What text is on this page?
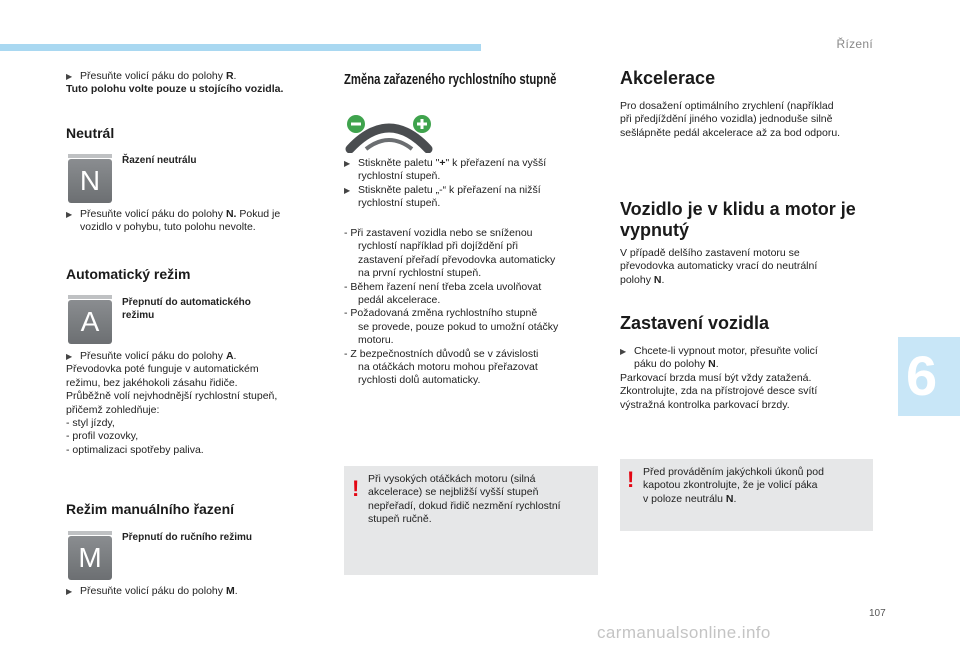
Řízení
6
107
carmanualsonline.info
▶ Přesuňte volicí páku do polohy R.
Tuto polohu volte pouze u stojícího vozidla.
Neutrál
N
Řazení neutrálu
▶ Přesuňte volicí páku do polohy N. Pokud je
vozidlo v pohybu, tuto polohu nevolte.
Automatický režim
A
Přepnutí do automatického
režimu
▶ Přesuňte volicí páku do polohy A.
Převodovka poté funguje v automatickém
režimu, bez jakéhokoli zásahu řidiče.
Průběžně volí nejvhodnější rychlostní stupeň,
přičemž zohledňuje:
- styl jízdy,
- profil vozovky,
- optimalizaci spotřeby paliva.
Režim manuálního řazení
M
Přepnutí do ručního režimu
▶ Přesuňte volicí páku do polohy M.
Změna zařazeného rychlostního stupně
▶ Stiskněte paletu "+" k přeřazení na vyšší
rychlostní stupeň.
▶ Stiskněte paletu „-“ k přeřazení na nižší
rychlostní stupeň.
- Při zastavení vozidla nebo se sníženou
rychlostí například při dojíždění při
zastavení přeřadí převodovka automaticky
na první rychlostní stupeň.
- Během řazení není třeba zcela uvolňovat
pedál akcelerace.
- Požadovaná změna rychlostního stupně
se provede, pouze pokud to umožní otáčky
motoru.
- Z bezpečnostních důvodů se v závislosti
na otáčkách motoru mohou přeřazovat
rychlosti dolů automaticky.
! Při vysokých otáčkách motoru (silná
akcelerace) se nejbližší vyšší stupeň
nepřeřadí, dokud řidič nezmění rychlostní
stupeň ručně.
Akcelerace
Pro dosažení optimálního zrychlení (například
při předjíždění jiného vozidla) jednoduše silně
sešlápněte pedál akcelerace až za bod odporu.
Vozidlo je v klidu a motor je
vypnutý
V případě delšího zastavení motoru se
převodovka automaticky vrací do neutrální
polohy N.
Zastavení vozidla
▶ Chcete-li vypnout motor, přesuňte volicí
páku do polohy N.
Parkovací brzda musí být vždy zatažená.
Zkontrolujte, zda na přístrojové desce svítí
výstražná kontrolka parkovací brzdy.
! Před prováděním jakýchkoli úkonů pod
kapotou zkontrolujte, že je volicí páka
v poloze neutrálu N.
